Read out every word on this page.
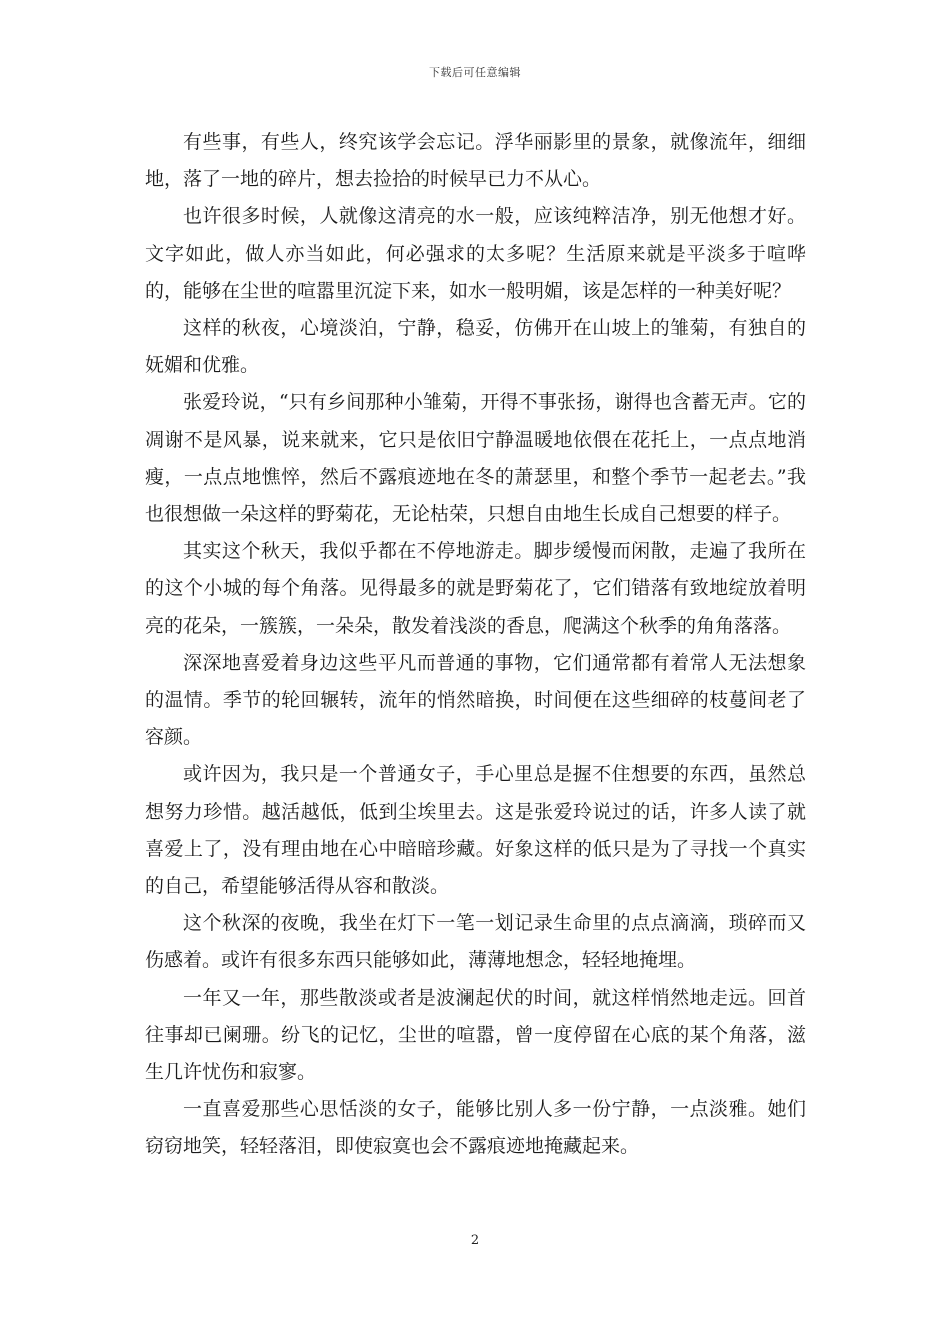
下载后可任意编辑

有些事，有些人，终究该学会忘记。浮华丽影里的景象，就像流年，细细地，落了一地的碎片，想去捡拾的时候早已力不从心。

也许很多时候，人就像这清亮的水一般，应该纯粹洁净，别无他想才好。文字如此，做人亦当如此，何必强求的太多呢？生活原来就是平淡多于喧哗的，能够在尘世的喧嚣里沉淀下来，如水一般明媚，该是怎样的一种美好呢？

这样的秋夜，心境淡泊，宁静，稳妥，仿佛开在山坡上的雏菊，有独自的妩媚和优雅。

张爱玲说，“只有乡间那种小雏菊，开得不事张扬，谢得也含蓄无声。它的凋谢不是风暴，说来就来，它只是依旧宁静温暖地依偎在花托上，一点点地消瘦，一点点地憔悴，然后不露痕迹地在冬的萧瑟里，和整个季节一起老去。”我也很想做一朵这样的野菊花，无论枯荣，只想自由地生长成自己想要的样子。

其实这个秋天，我似乎都在不停地游走。脚步缓慢而闲散，走遍了我所在的这个小城的每个角落。见得最多的就是野菊花了，它们错落有致地绽放着明亮的花朵，一簇簇，一朵朵，散发着浅淡的香息，爬满这个秋季的角角落落。

深深地喜爱着身边这些平凡而普通的事物，它们通常都有着常人无法想象的温情。季节的轮回辗转，流年的悄然暗换，时间便在这些细碎的枝蔓间老了容颜。

或许因为，我只是一个普通女子，手心里总是握不住想要的东西，虽然总想努力珍惜。越活越低，低到尘埃里去。这是张爱玲说过的话，许多人读了就喜爱上了，没有理由地在心中暗暗珍藏。好象这样的低只是为了寻找一个真实的自己，希望能够活得从容和散淡。

这个秋深的夜晚，我坐在灯下一笔一划记录生命里的点点滴滴，琐碎而又伤感着。或许有很多东西只能够如此，薄薄地想念，轻轻地掩埋。

一年又一年，那些散淡或者是波澜起伏的时间，就这样悄然地走远。回首往事却已阑珊。纷飞的记忆，尘世的喧嚣，曾一度停留在心底的某个角落，滋生几许忧伤和寂寥。

一直喜爱那些心思恬淡的女子，能够比别人多一份宁静，一点淡雅。她们窃窃地笑，轻轻落泪，即使寂寞也会不露痕迹地掩藏起来。

2
